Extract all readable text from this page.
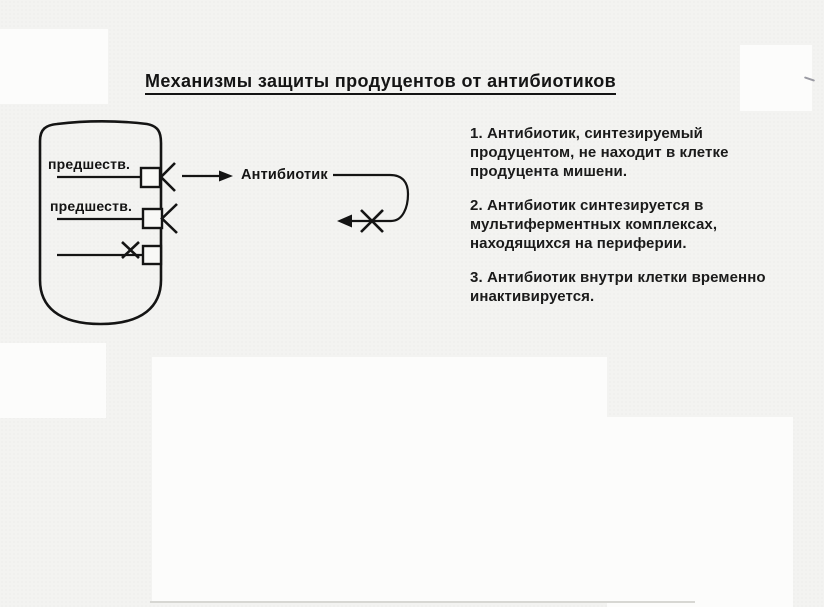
Механизмы защиты продуцентов от антибиотиков
предшеств.
предшеств.
Антибиотик

1. Антибиотик, синтезируемый продуцентом, не находит в клетке продуцента мишени.

2. Антибиотик синтезируется в мультиферментных комплексах, находящихся на периферии.

3. Антибиотик внутри клетки временно инактивируется.
